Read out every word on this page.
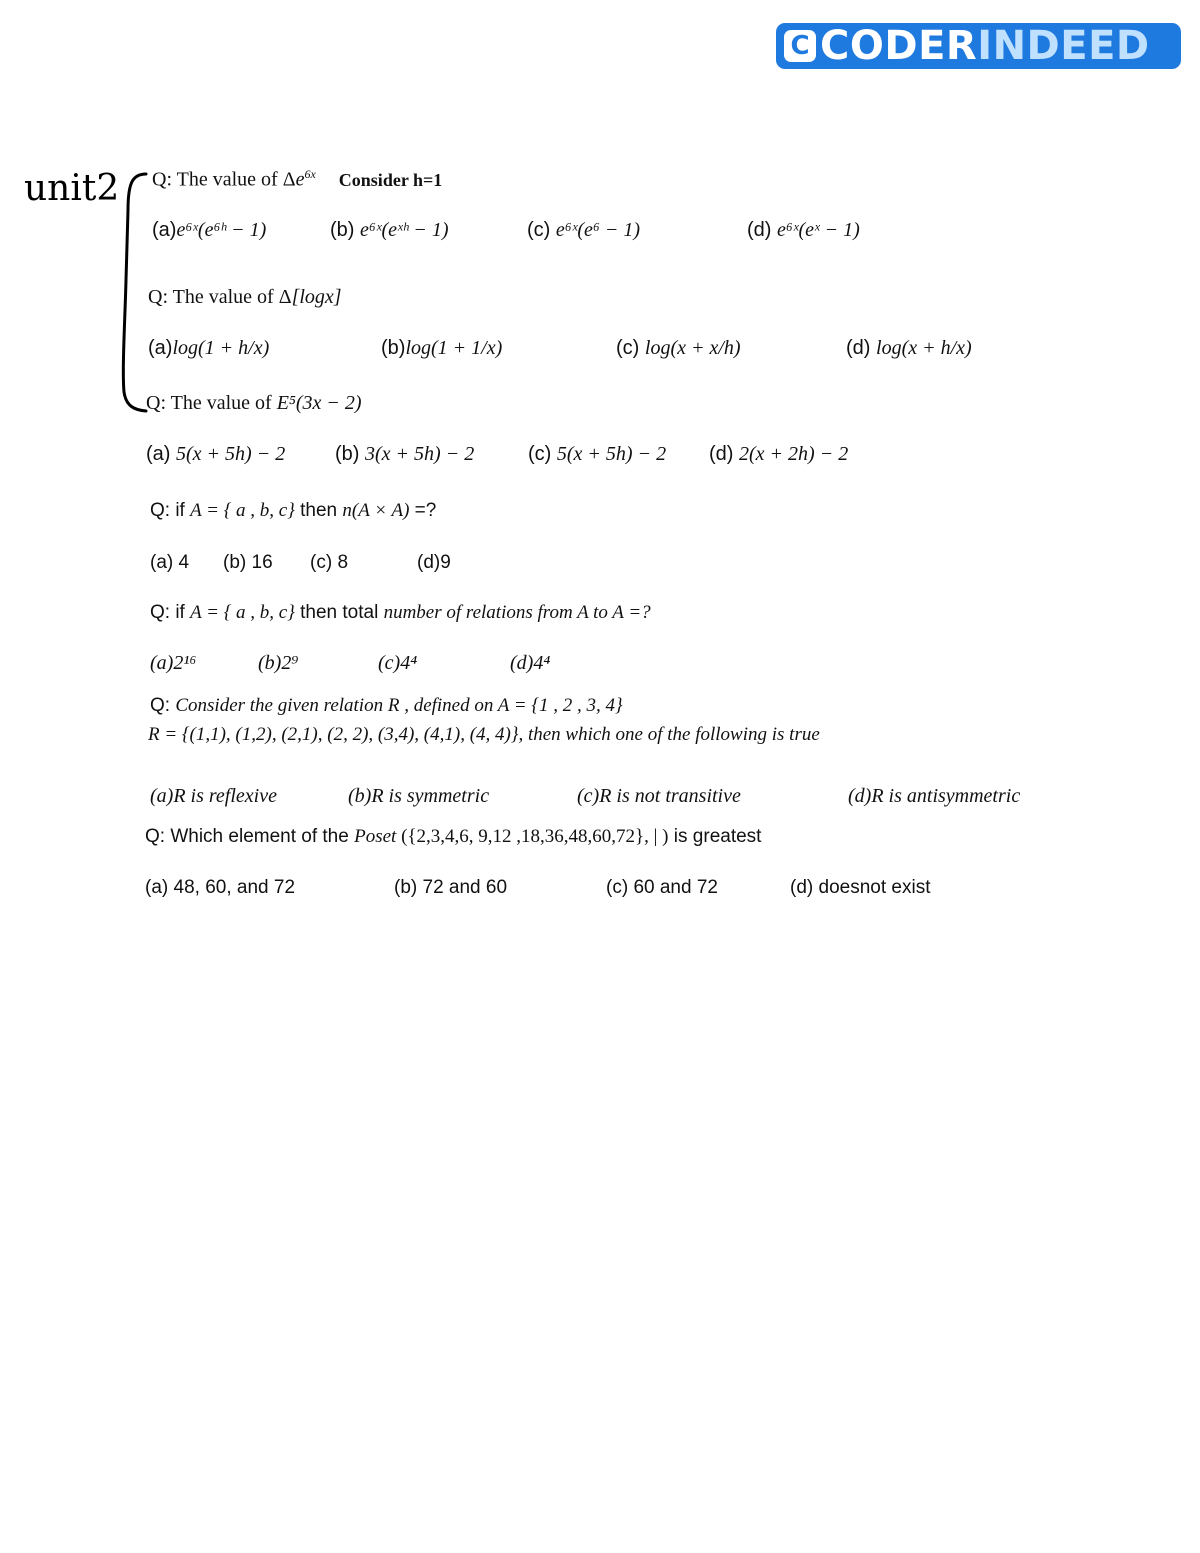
C CODERINDEED
unit2 Q: The value of $\Delta e^{6x}$ Consider h=1
(a)e⁶ˣ(e⁶ʰ − 1)	(b) e⁶ˣ(eˣʰ − 1)	(c) e⁶ˣ(e⁶ − 1)	(d) e⁶ˣ(eˣ − 1)
Q: The value of Δ[logx]
(a)log(1 + h/x)	(b)log(1 + 1/x)	(c) log(x + x/h)	(d) log(x + h/x)
Q: The value of E⁵(3x − 2)
(a) 5(x + 5h) − 2 (b) 3(x + 5h) − 2	(c) 5(x + 5h) − 2 (d) 2(x + 2h) − 2
Q: if A = { a , b, c} then n(A × A) =?
(a) 4 (b) 16 (c) 8	(d)9
Q: if A = { a , b, c} then total number of relations from A to A =?
(a)2¹⁶	(b)2⁹	(c)4⁴	(d)4⁴
Q: Consider the given relation R , defined on A = {1 , 2 , 3, 4}
R = {(1,1), (1,2), (2,1), (2, 2), (3,4), (4,1), (4, 4)}, then which one of the following is true
(a)R is reflexive	(b)R is symmetric	(c)R is not transitive	(d)R is antisymmetric
Q: Which element of the Poset ({2,3,4,6, 9,12 ,18,36,48,60,72}, | ) is greatest
(a) 48, 60, and 72	(b) 72 and 60	(c) 60 and 72	(d) doesnot exist
